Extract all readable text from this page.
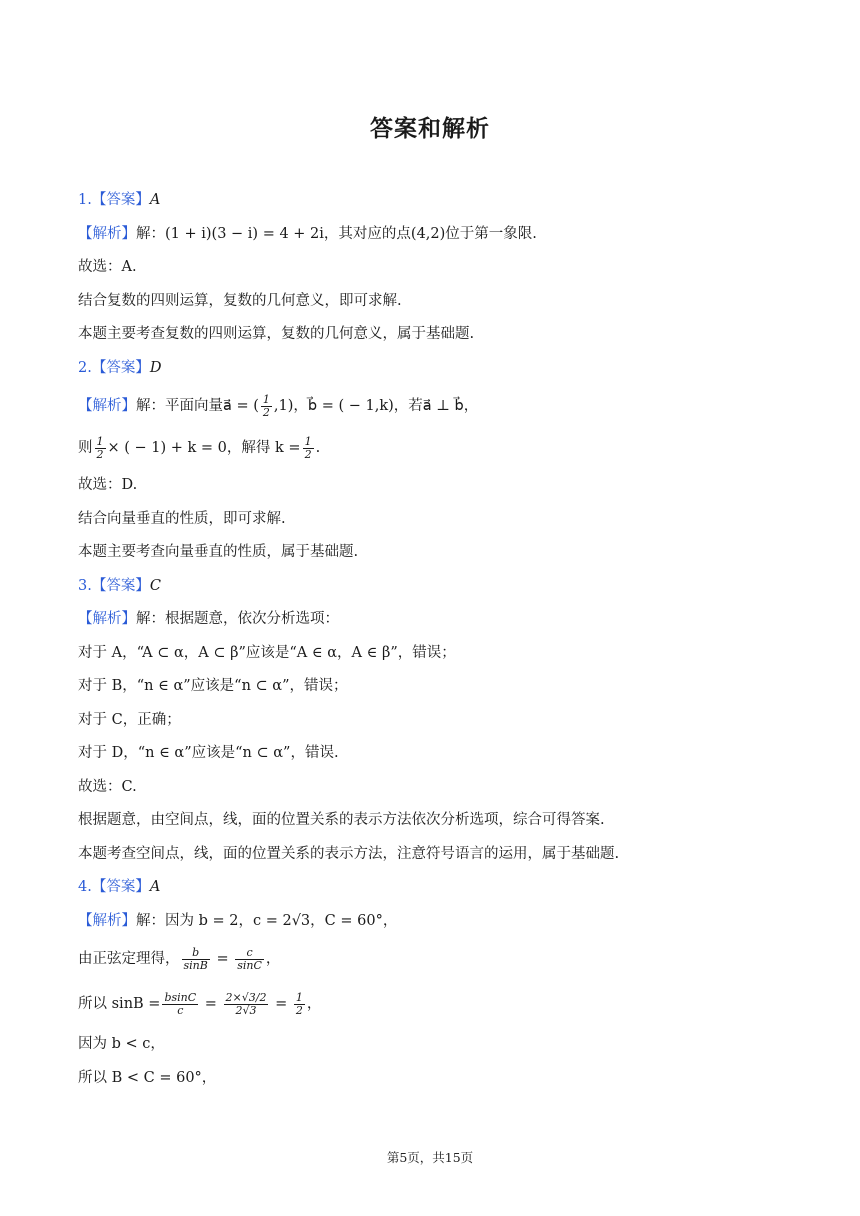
答案和解析
1.【答案】A
【解析】解：(1 + i)(3 − i) = 4 + 2i，其对应的点(4,2)位于第一象限.
故选：A.
结合复数的四则运算，复数的几何意义，即可求解.
本题主要考查复数的四则运算，复数的几何意义，属于基础题.
2.【答案】D
【解析】解：平面向量a⃗ = ( $\frac{1}{2} ,1$)，b⃗ = ( − 1,k)，若a⃗ ⊥ b⃗，
则 $\frac{1}{2}$ × ( − 1) + k = 0，解得 $k = \frac{1}{2}$ .
故选：D.
结合向量垂直的性质，即可求解.
本题主要考查向量垂直的性质，属于基础题.
3.【答案】C
【解析】解：根据题意，依次分析选项：
对于 A，“A ⊂ α，A ⊂ β”应该是“A ∈ α，A ∈ β”，错误；
对于 B，“n ∈ α”应该是“n ⊂ α”，错误；
对于 C，正确；
对于 D，“n ∈ α”应该是“n ⊂ α”，错误.
故选：C.
根据题意，由空间点，线，面的位置关系的表示方法依次分析选项，综合可得答案.
本题考查空间点，线，面的位置关系的表示方法，注意符号语言的运用，属于基础题.
4.【答案】A
【解析】解：因为 b = 2，c = 2√3，C = 60°，
由正弦定理得， $\frac{b}{\sin B} = \frac{c}{\sin C}$ ，
所以 $\sin B = \frac{bsinC}{c} = \frac{2\times√3/2}{2√3} = \frac{1}{2}$ ，
因为 b < c，
所以 B < C = 60°，
第5页，共15页
